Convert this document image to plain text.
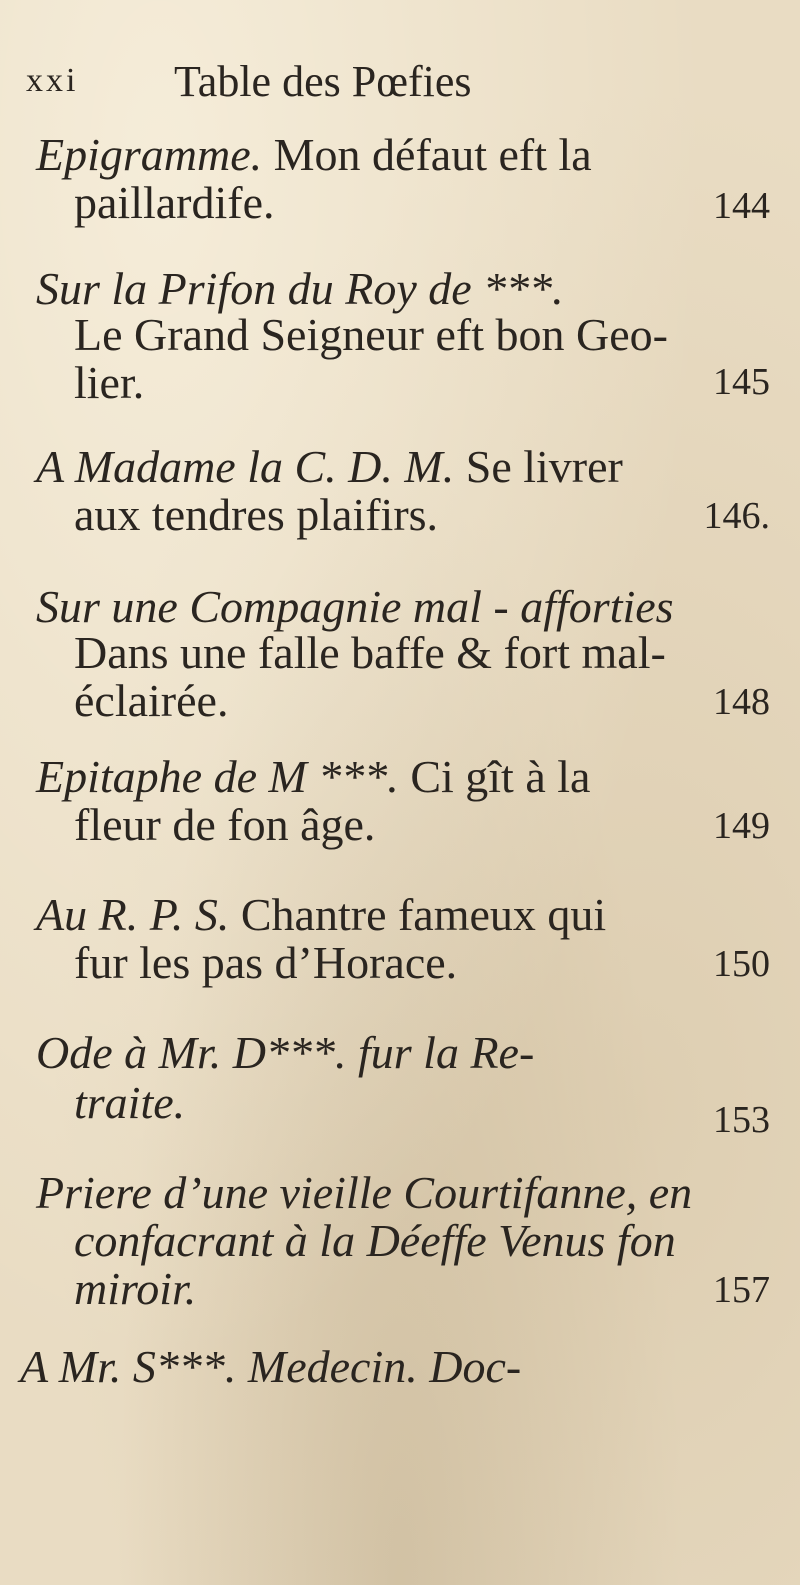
xxi Table des Pœfies
Epigramme. Mon défaut eft la
paillardife.	144
Sur la Prifon du Roy de ***.
Le Grand Seigneur eft bon Geo-
lier.	145
A Madame la C. D. M. Se livrer
aux tendres plaifirs.	146.
Sur une Compagnie mal - afforties
Dans une falle baffe & fort mal-
éclairée.	148
Epitaphe de M ***. Ci gît à la
fleur de fon âge.	149
Au R. P. S. Chantre fameux qui
fur les pas d’Horace.	150
Ode à Mr. D***. fur la Re-
traite.	153
Priere d’une vieille Courtifanne, en
confacrant à la Déeffe Venus fon
miroir.	157
A Mr. S***. Medecin. Doc-
